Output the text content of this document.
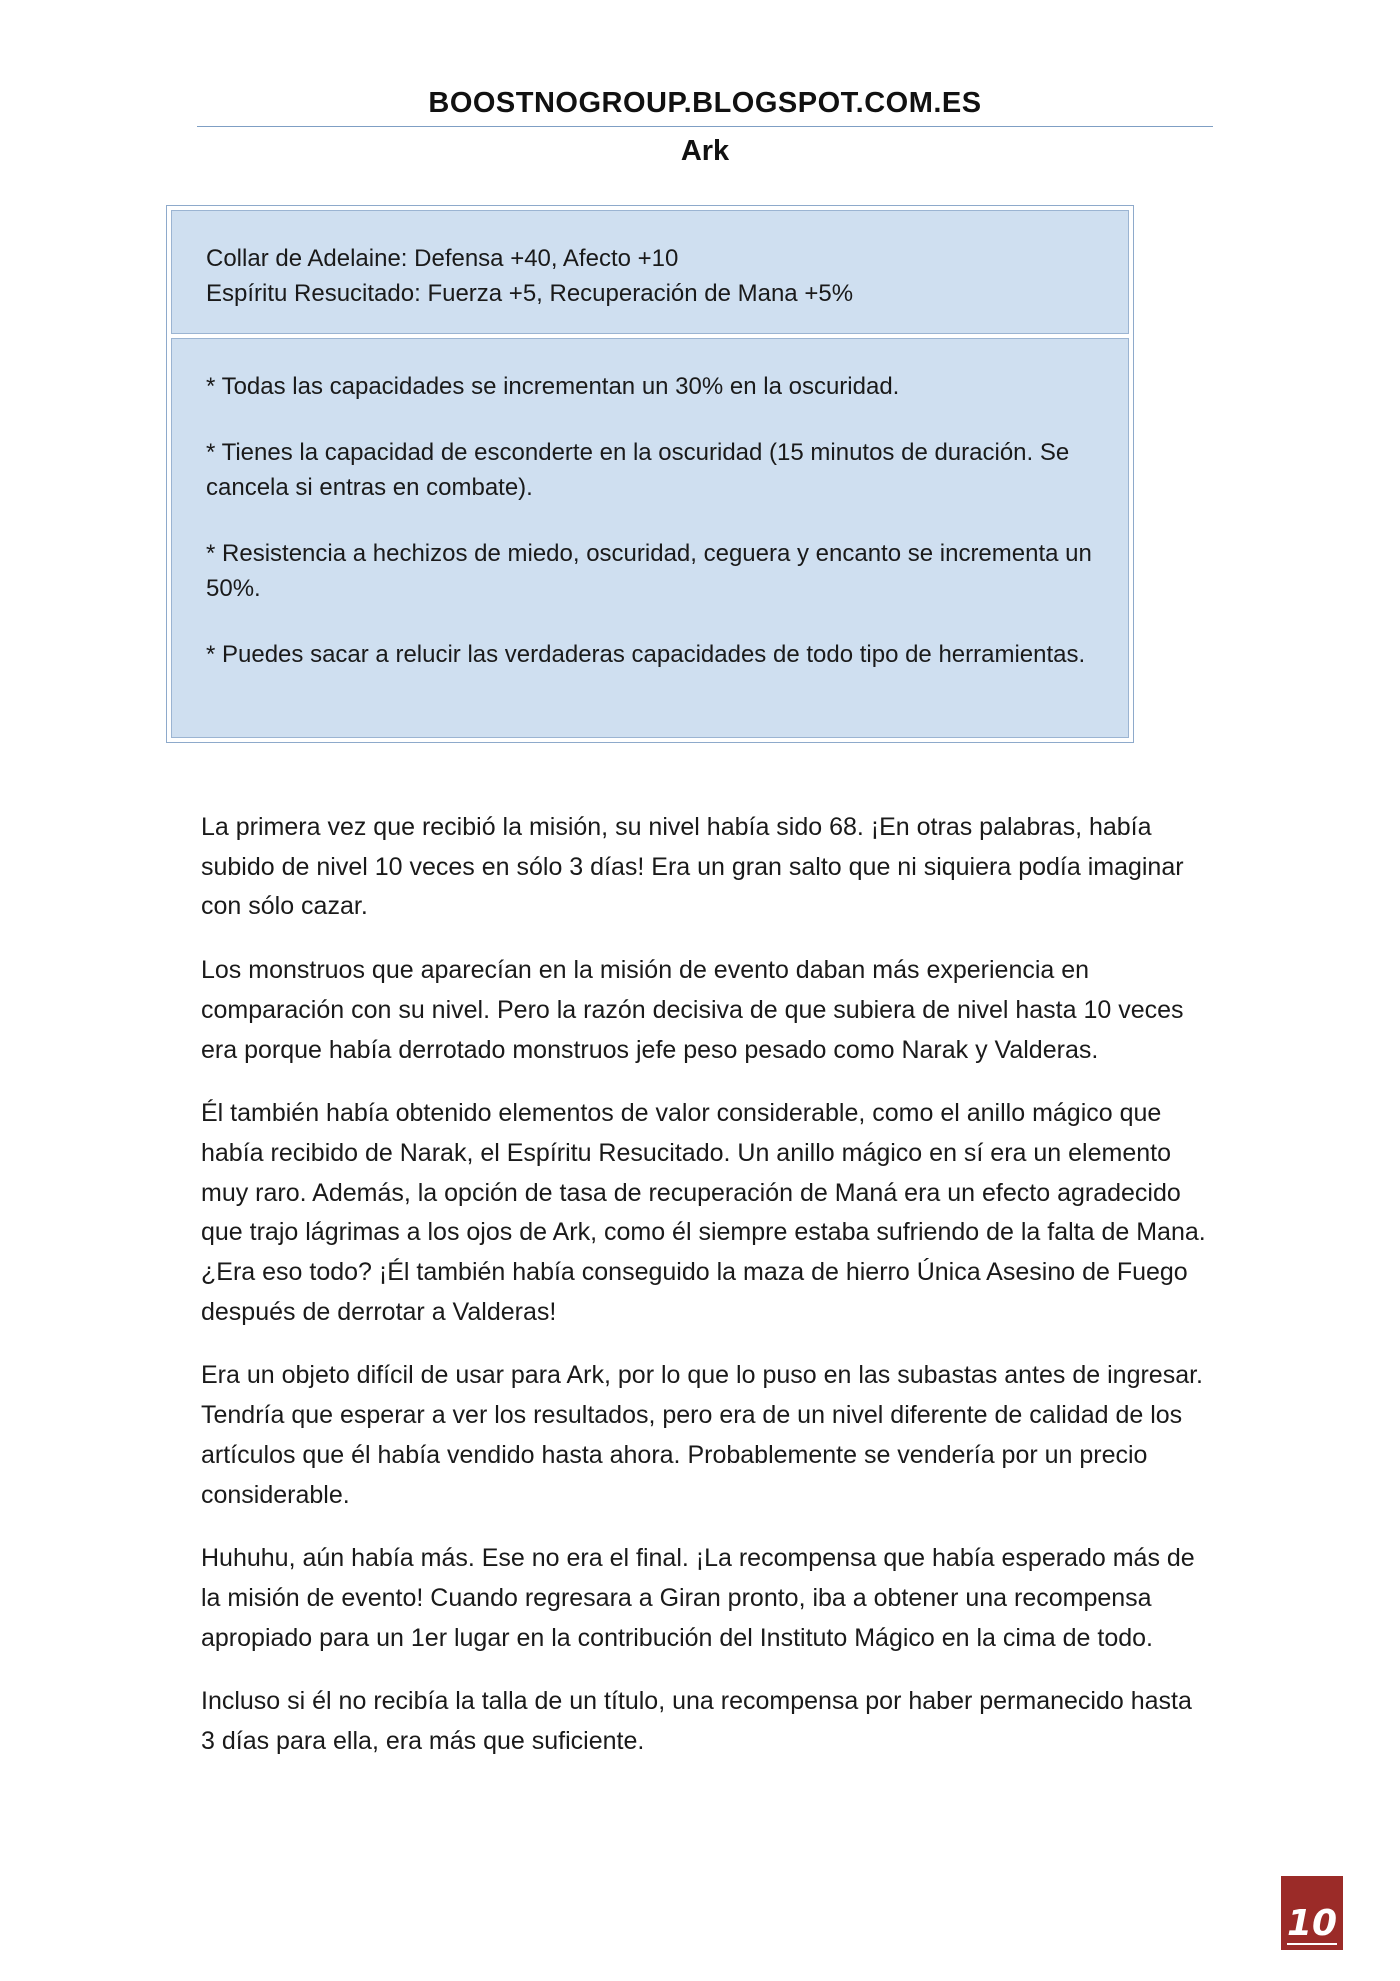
BOOSTNOGROUP.BLOGSPOT.COM.ES
Ark

Collar de Adelaine: Defensa +40, Afecto +10

Espíritu Resucitado: Fuerza +5, Recuperación de Mana +5%

* Todas las capacidades se incrementan un 30% en la oscuridad.

* Tienes la capacidad de esconderte en la oscuridad (15 minutos de duración. Se cancela si entras en combate).

* Resistencia a hechizos de miedo, oscuridad, ceguera y encanto se incrementa un 50%.

* Puedes sacar a relucir las verdaderas capacidades de todo tipo de herramientas.

La primera vez que recibió la misión, su nivel había sido 68. ¡En otras palabras, había subido de nivel 10 veces en sólo 3 días! Era un gran salto que ni siquiera podía imaginar con sólo cazar.

Los monstruos que aparecían en la misión de evento daban más experiencia en comparación con su nivel. Pero la razón decisiva de que subiera de nivel hasta 10 veces era porque había derrotado monstruos jefe peso pesado como Narak y Valderas.

Él también había obtenido elementos de valor considerable, como el anillo mágico que había recibido de Narak, el Espíritu Resucitado. Un anillo mágico en sí era un elemento muy raro. Además, la opción de tasa de recuperación de Maná era un efecto agradecido que trajo lágrimas a los ojos de Ark, como él siempre estaba sufriendo de la falta de Mana. ¿Era eso todo? ¡Él también había conseguido la maza de hierro Única Asesino de Fuego después de derrotar a Valderas!

Era un objeto difícil de usar para Ark, por lo que lo puso en las subastas antes de ingresar. Tendría que esperar a ver los resultados, pero era de un nivel diferente de calidad de los artículos que él había vendido hasta ahora. Probablemente se vendería por un precio considerable.

Huhuhu, aún había más. Ese no era el final. ¡La recompensa que había esperado más de la misión de evento! Cuando regresara a Giran pronto, iba a obtener una recompensa apropiado para un 1er lugar en la contribución del Instituto Mágico en la cima de todo.

Incluso si él no recibía la talla de un título, una recompensa por haber permanecido hasta 3 días para ella, era más que suficiente.

10
